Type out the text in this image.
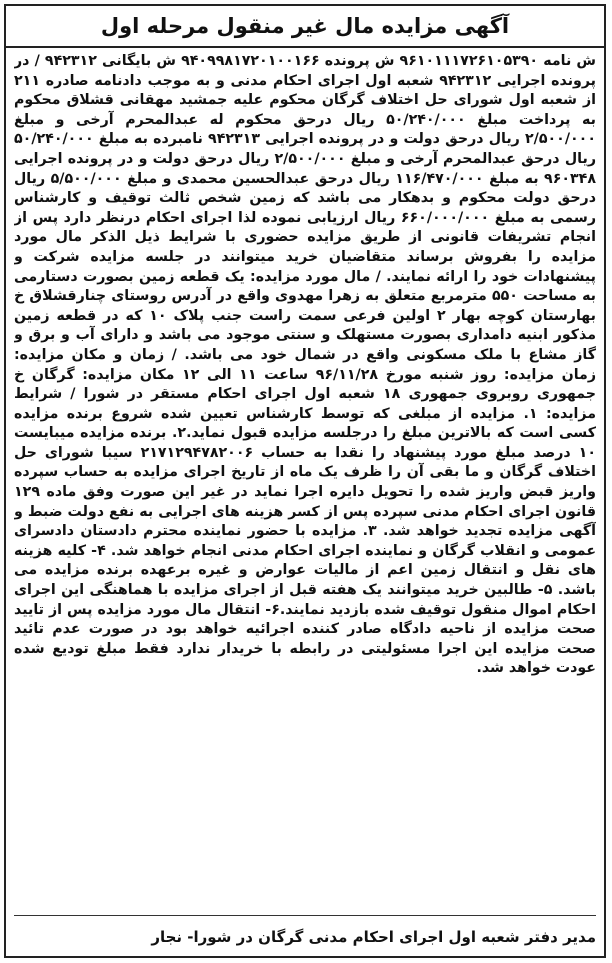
آگهی مزایده مال غیر منقول مرحله اول
ش نامه ۹۶۱۰۱۱۱۷۲۶۱۰۵۳۹۰ ش پرونده ۹۴۰۹۹۸۱۷۲۰۱۰۰۱۶۶ ش بایگانی ۹۴۲۳۱۲ / در پرونده اجرایی ۹۴۲۳۱۲ شعبه اول اجرای احکام مدنی و به موجب دادنامه صادره ۲۱۱ از شعبه اول شورای حل اختلاف گرگان محکوم علیه جمشید مهقانی قشلاق محکوم به پرداخت مبلغ ۵۰/۲۴۰/۰۰۰ ریال درحق محکوم له عبدالمحرم آرخی و مبلغ ۲/۵۰۰/۰۰۰ ریال درحق دولت و در پرونده اجرایی ۹۴۲۳۱۳ نامبرده به مبلغ ۵۰/۲۴۰/۰۰۰ ریال درحق عبدالمحرم آرخی و مبلغ ۲/۵۰۰/۰۰۰ ریال درحق دولت و در پرونده اجرایی ۹۶۰۳۴۸ به مبلغ ۱۱۶/۴۷۰/۰۰۰ ریال درحق عبدالحسین محمدی و مبلغ ۵/۵۰۰/۰۰۰ ریال درحق دولت محکوم و بدهکار می باشد که زمین شخص ثالث توقیف و کارشناس رسمی به مبلغ ۶۶۰/۰۰۰/۰۰۰ ریال ارزیابی نموده لذا اجرای احکام درنظر دارد پس از انجام تشریفات قانونی از طریق مزایده حضوری با شرایط ذیل الذکر مال مورد مزایده را بفروش برساند متقاضیان خرید میتوانند در جلسه مزایده شرکت و پیشنهادات خود را ارائه نمایند. / مال مورد مزایده: یک قطعه زمین بصورت دستارمی به مساحت ۵۵۰ مترمربع متعلق به زهرا مهدوی واقع در آدرس روستای چنارقشلاق خ بهارستان کوچه بهار ۲ اولین فرعی سمت راست جنب پلاک ۱۰ که در قطعه زمین مذکور ابنیه دامداری بصورت مستهلک و سنتی موجود می باشد و دارای آب و برق و گاز مشاع با ملک مسکونی واقع در شمال خود می باشد. / زمان و مکان مزایده: زمان مزایده: روز شنبه مورخ ۹۶/۱۱/۲۸ ساعت ۱۱ الی ۱۲ مکان مزایده: گرگان خ جمهوری روبروی جمهوری ۱۸ شعبه اول اجرای احکام مستقر در شورا / شرایط مزایده: ۱. مزایده از مبلغی که توسط کارشناس تعیین شده شروع برنده مزایده کسی است که بالاترین مبلغ را درجلسه مزایده قبول نماید.۲. برنده مزایده میبایست ۱۰ درصد مبلغ مورد پیشنهاد را نقدا به حساب ۲۱۷۱۲۹۴۷۸۲۰۰۶ سیبا شورای حل اختلاف گرگان و ما بقی آن را ظرف یک ماه از تاریخ اجرای مزایده به حساب سپرده واریز قبض واریز شده را تحویل دایره اجرا نماید در غیر این صورت وفق ماده ۱۲۹ قانون اجرای احکام مدنی سپرده پس از کسر هزینه های اجرایی به نفع دولت ضبط و آگهی مزایده تجدید خواهد شد. ۳. مزایده با حضور نماینده محترم دادستان دادسرای عمومی و انقلاب گرگان و نماینده اجرای احکام مدنی انجام خواهد شد. ۴- کلیه هزینه های نقل و انتقال زمین اعم از مالیات عوارض و غیره برعهده برنده مزایده می باشد. ۵- طالبین خرید میتوانند یک هفته قبل از اجرای مزایده با هماهنگی این اجرای احکام اموال منقول توقیف شده بازدید نمایند.۶- انتقال مال مورد مزایده پس از تایید صحت مزایده از ناحیه دادگاه صادر کننده اجرائیه خواهد بود در صورت عدم تائید صحت مزایده این اجرا مسئولیتی در رابطه با خریدار ندارد فقط مبلغ تودیع شده عودت خواهد شد.
مدیر دفتر شعبه اول اجرای احکام مدنی گرگان در شورا- نجار
